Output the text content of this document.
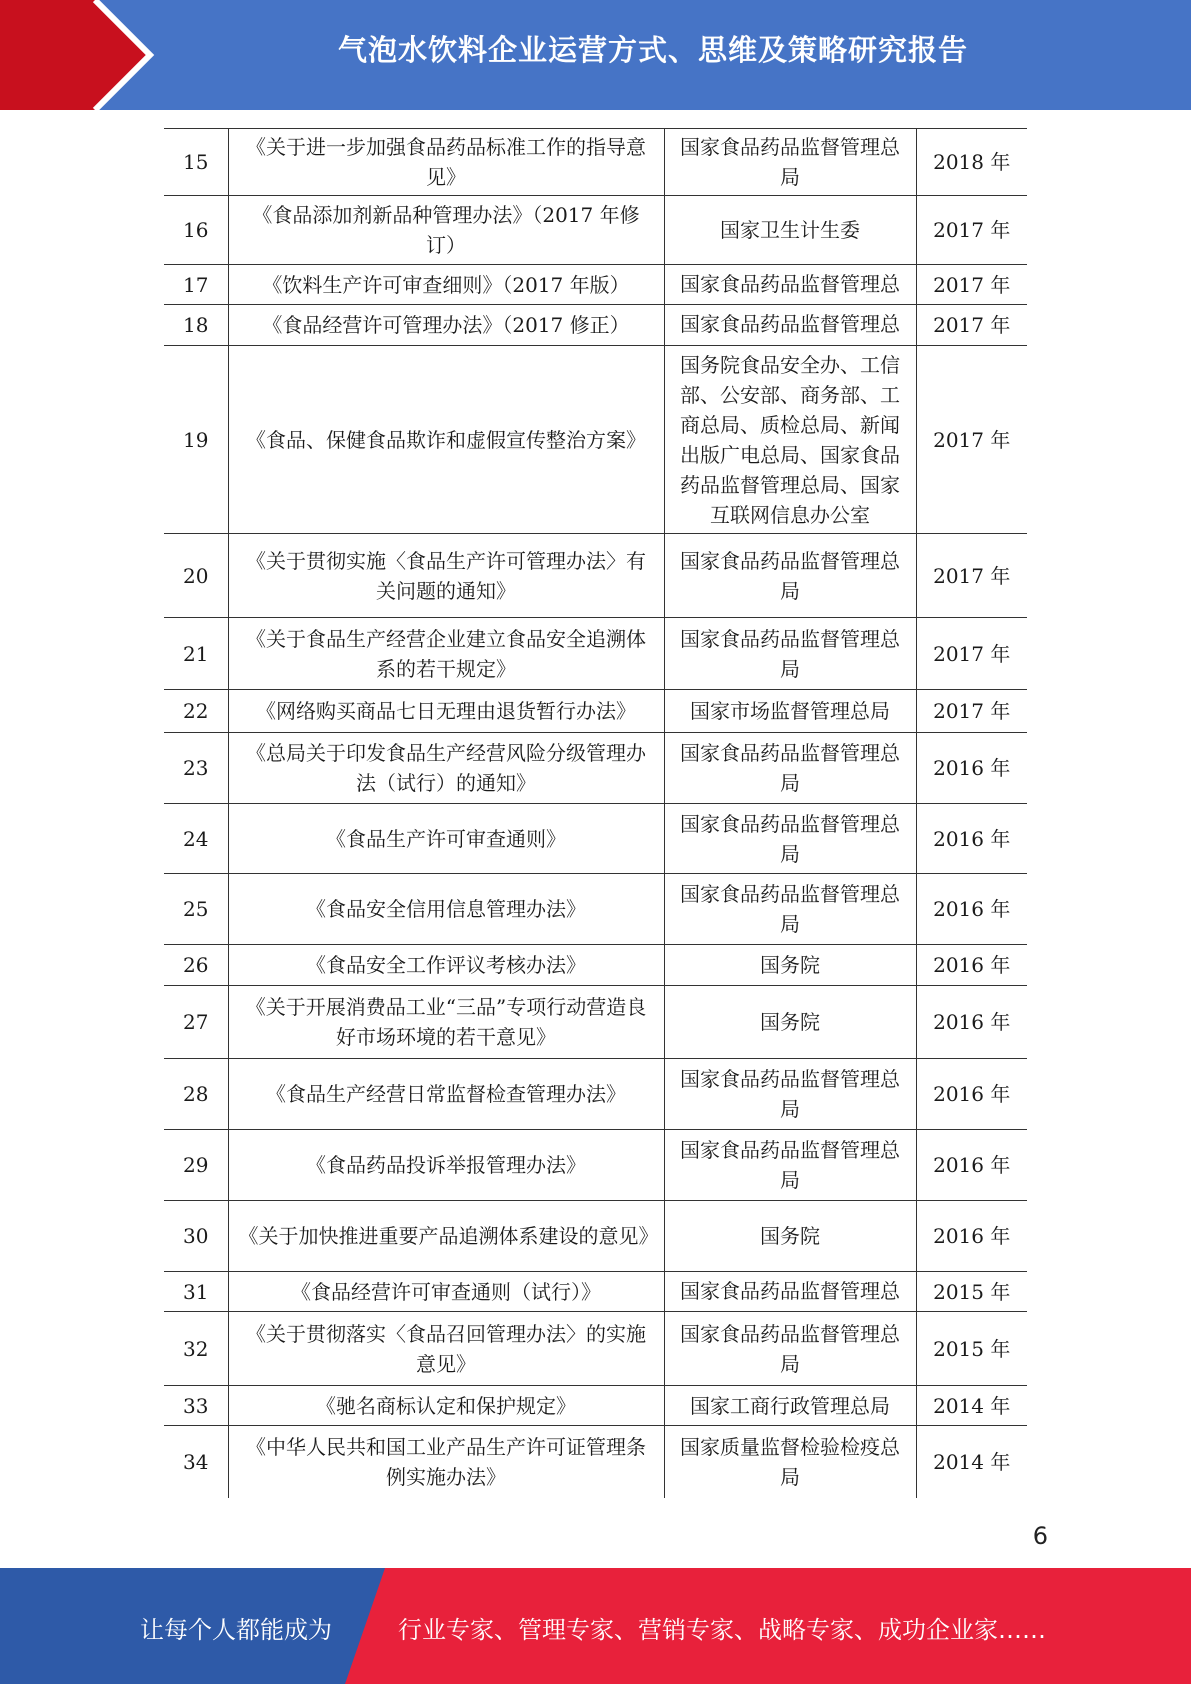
气泡水饮料企业运营方式、思维及策略研究报告
15	《关于进一步加强食品药品标准工作的指导意见》	国家食品药品监督管理总局	2018 年
16	《食品添加剂新品种管理办法》（2017 年修订）	国家卫生计生委	2017 年
17	《饮料生产许可审查细则》（2017 年版）	国家食品药品监督管理总	2017 年
18	《食品经营许可管理办法》（2017 修正）	国家食品药品监督管理总	2017 年
19	《食品、保健食品欺诈和虚假宣传整治方案》	国务院食品安全办、工信部、公安部、商务部、工商总局、质检总局、新闻出版广电总局、国家食品药品监督管理总局、国家互联网信息办公室	2017 年
20	《关于贯彻实施〈食品生产许可管理办法〉有关问题的通知》	国家食品药品监督管理总局	2017 年
21	《关于食品生产经营企业建立食品安全追溯体系的若干规定》	国家食品药品监督管理总局	2017 年
22	《网络购买商品七日无理由退货暂行办法》	国家市场监督管理总局	2017 年
23	《总局关于印发食品生产经营风险分级管理办法（试行）的通知》	国家食品药品监督管理总局	2016 年
24	《食品生产许可审查通则》	国家食品药品监督管理总局	2016 年
25	《食品安全信用信息管理办法》	国家食品药品监督管理总局	2016 年
26	《食品安全工作评议考核办法》	国务院	2016 年
27	《关于开展消费品工业“三品”专项行动营造良好市场环境的若干意见》	国务院	2016 年
28	《食品生产经营日常监督检查管理办法》	国家食品药品监督管理总局	2016 年
29	《食品药品投诉举报管理办法》	国家食品药品监督管理总局	2016 年
30	《关于加快推进重要产品追溯体系建设的意见》	国务院	2016 年
31	《食品经营许可审查通则（试行）》	国家食品药品监督管理总	2015 年
32	《关于贯彻落实〈食品召回管理办法〉的实施意见》	国家食品药品监督管理总局	2015 年
33	《驰名商标认定和保护规定》	国家工商行政管理总局	2014 年
34	《中华人民共和国工业产品生产许可证管理条例实施办法》	国家质量监督检验检疫总局	2014 年
6
让每个人都能成为	行业专家、管理专家、营销专家、战略专家、成功企业家……
